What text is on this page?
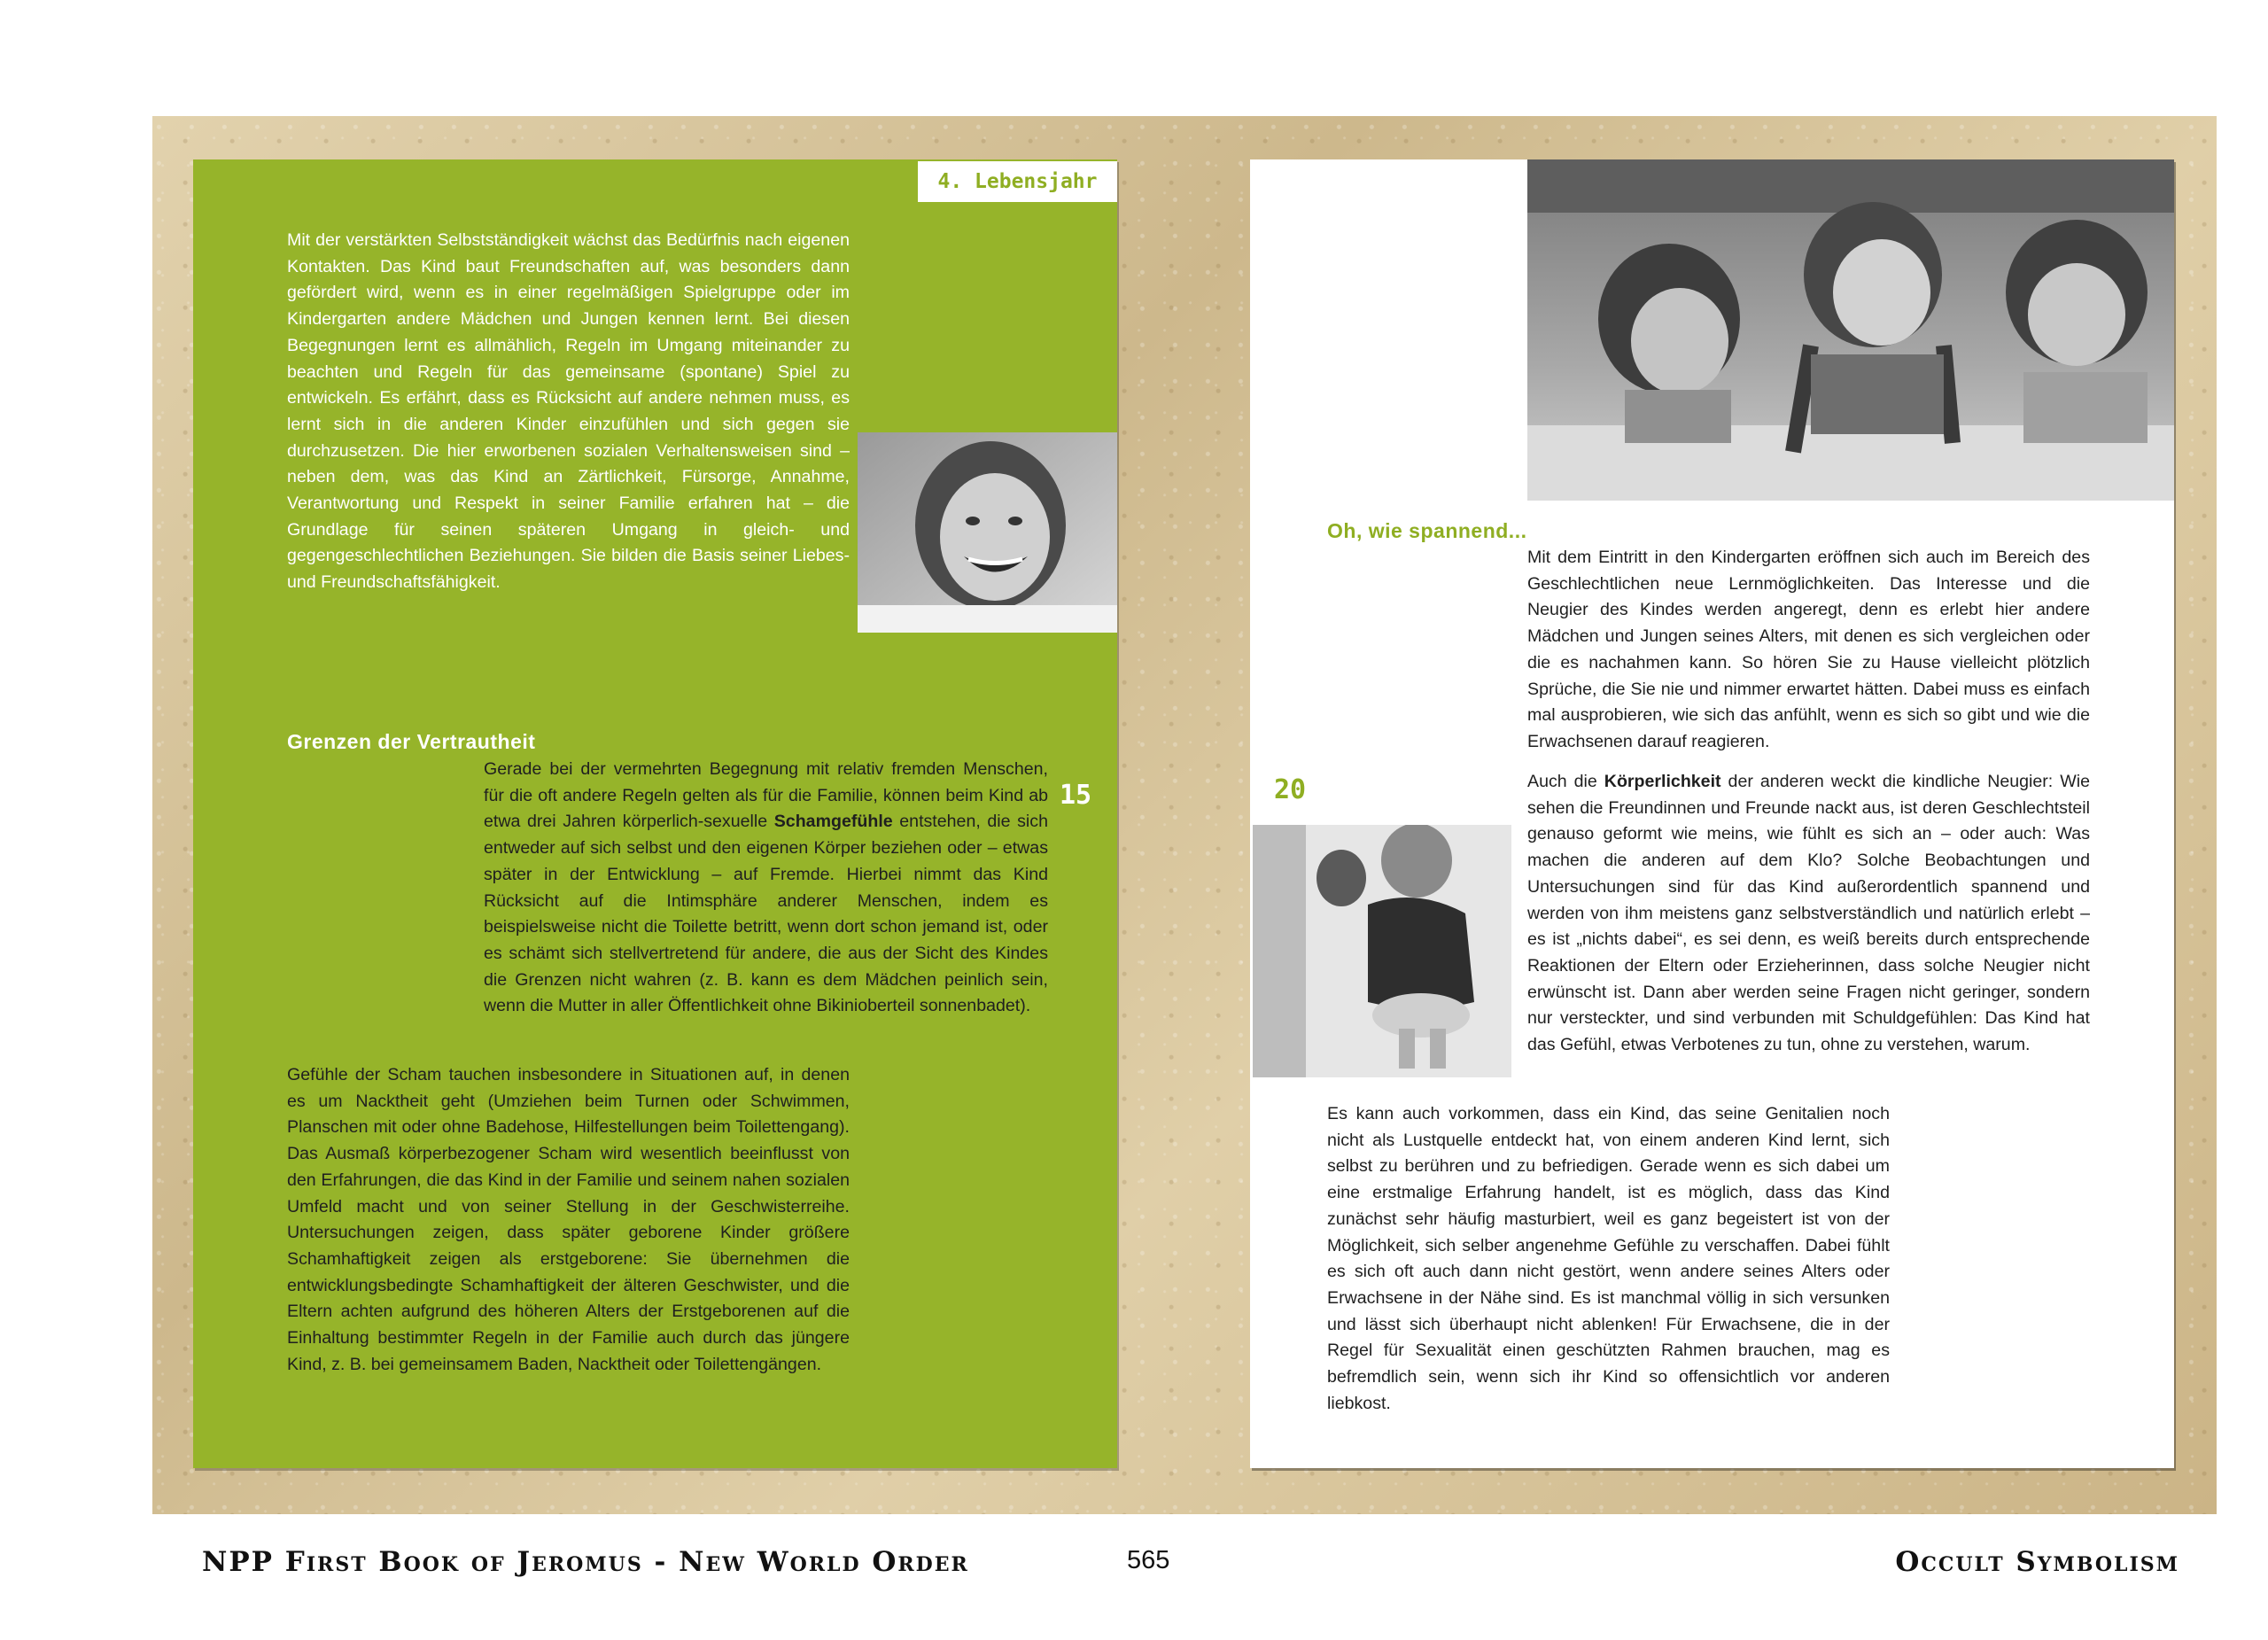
4. Lebensjahr
Mit der verstärkten Selbstständigkeit wächst das Bedürfnis nach eigenen Kontakten. Das Kind baut Freundschaften auf, was besonders dann gefördert wird, wenn es in einer regelmäßigen Spielgruppe oder im Kindergarten andere Mädchen und Jungen kennen lernt. Bei diesen Begegnungen lernt es allmählich, Regeln im Umgang miteinander zu beachten und Regeln für das gemeinsame (spontane) Spiel zu entwickeln. Es erfährt, dass es Rücksicht auf andere nehmen muss, es lernt sich in die anderen Kinder einzufühlen und sich gegen sie durchzusetzen. Die hier erworbenen sozialen Verhaltensweisen sind – neben dem, was das Kind an Zärtlichkeit, Fürsorge, Annahme, Verantwortung und Respekt in seiner Familie erfahren hat – die Grundlage für seinen späteren Umgang in gleich- und gegengeschlechtlichen Beziehungen. Sie bilden die Basis seiner Liebes- und Freundschaftsfähigkeit.
Grenzen der Vertrautheit
Gerade bei der vermehrten Begegnung mit relativ fremden Menschen, für die oft andere Regeln gelten als für die Familie, können beim Kind ab etwa drei Jahren körperlich-sexuelle Schamgefühle entstehen, die sich entweder auf sich selbst und den eigenen Körper beziehen oder – etwas später in der Entwicklung – auf Fremde. Hierbei nimmt das Kind Rücksicht auf die Intimsphäre anderer Menschen, indem es beispielsweise nicht die Toilette betritt, wenn dort schon jemand ist, oder es schämt sich stellvertretend für andere, die aus der Sicht des Kindes die Grenzen nicht wahren (z. B. kann es dem Mädchen peinlich sein, wenn die Mutter in aller Öffentlichkeit ohne Bikinioberteil sonnenbadet).
15
Gefühle der Scham tauchen insbesondere in Situationen auf, in denen es um Nacktheit geht (Umziehen beim Turnen oder Schwimmen, Planschen mit oder ohne Badehose, Hilfestellungen beim Toilettengang). Das Ausmaß körperbezogener Scham wird wesentlich beeinflusst von den Erfahrungen, die das Kind in der Familie und seinem nahen sozialen Umfeld macht und von seiner Stellung in der Geschwisterreihe. Untersuchungen zeigen, dass später geborene Kinder größere Schamhaftigkeit zeigen als erstgeborene: Sie übernehmen die entwicklungsbedingte Schamhaftigkeit der älteren Geschwister, und die Eltern achten aufgrund des höheren Alters der Erstgeborenen auf die Einhaltung bestimmter Regeln in der Familie auch durch das jüngere Kind, z. B. bei gemeinsamem Baden, Nacktheit oder Toilettengängen.
Oh, wie spannend...
Mit dem Eintritt in den Kindergarten eröffnen sich auch im Bereich des Geschlechtlichen neue Lernmöglichkeiten. Das Interesse und die Neugier des Kindes werden angeregt, denn es erlebt hier andere Mädchen und Jungen seines Alters, mit denen es sich vergleichen oder die es nachahmen kann. So hören Sie zu Hause vielleicht plötzlich Sprüche, die Sie nie und nimmer erwartet hätten. Dabei muss es einfach mal ausprobieren, wie sich das anfühlt, wenn es sich so gibt und wie die Erwachsenen darauf reagieren.
20	Auch die Körperlichkeit der anderen weckt die kindliche Neugier: Wie sehen die Freundinnen und Freunde nackt aus, ist deren Geschlechtsteil genauso geformt wie meins, wie fühlt es sich an – oder auch: Was machen die anderen auf dem Klo? Solche Beobachtungen und Untersuchungen sind für das Kind außerordentlich spannend und werden von ihm meistens ganz selbstverständlich und natürlich erlebt – es ist „nichts dabei“, es sei denn, es weiß bereits durch entsprechende Reaktionen der Eltern oder Erzieherinnen, dass solche Neugier nicht erwünscht ist. Dann aber werden seine Fragen nicht geringer, sondern nur versteckter, und sind verbunden mit Schuldgefühlen: Das Kind hat das Gefühl, etwas Verbotenes zu tun, ohne zu verstehen, warum.
Es kann auch vorkommen, dass ein Kind, das seine Genitalien noch nicht als Lustquelle entdeckt hat, von einem anderen Kind lernt, sich selbst zu berühren und zu befriedigen. Gerade wenn es sich dabei um eine erstmalige Erfahrung handelt, ist es möglich, dass das Kind zunächst sehr häufig masturbiert, weil es ganz begeistert ist von der Möglichkeit, sich selber angenehme Gefühle zu verschaffen. Dabei fühlt es sich oft auch dann nicht gestört, wenn andere seines Alters oder Erwachsene in der Nähe sind. Es ist manchmal völlig in sich versunken und lässt sich überhaupt nicht ablenken! Für Erwachsene, die in der Regel für Sexualität einen geschützten Rahmen brauchen, mag es befremdlich sein, wenn sich ihr Kind so offensichtlich vor anderen liebkost.
NPP First Book of Jeromus - New World Order	565	Occult Symbolism
